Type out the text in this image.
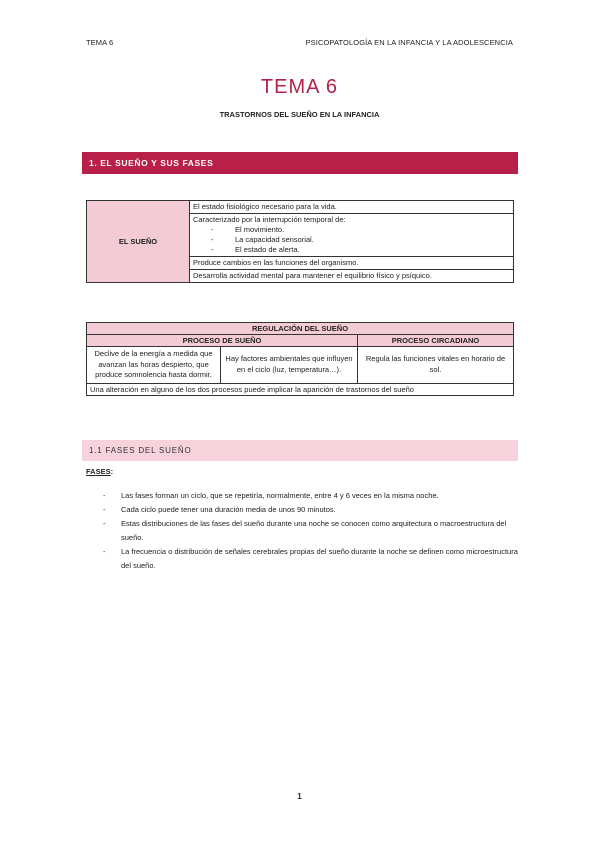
TEMA 6	PSICOPATOLOGÍA EN LA INFANCIA Y LA ADOLESCENCIA
TEMA 6
TRASTORNOS DEL SUEÑO EN LA INFANCIA
1. EL SUEÑO Y SUS FASES
EL SUEÑO	El estado fisiológico necesario para la vida.

Caracterizado por la interrupción temporal de:
-	El movimiento.
-	La capacidad sensorial.
-	El estado de alerta.

Produce cambios en las funciones del organismo.
Desarrolla actividad mental para mantener el equilibrio físico y psíquico.
REGULACIÓN DEL SUEÑO		
PROCESO DE SUEÑO		PROCESO CIRCADIANO
Declive de la energía a medida que avanzan las horas despierto, que produce somnolencia hasta dormir.	Hay factores ambientales que influyen en el ciclo (luz, temperatura…).	Regula las funciones vitales en horario de sol.
Una alteración en alguno de los dos procesos puede implicar la aparición de trastornos del sueño		
1.1 FASES DEL SUEÑO
FASES:
- Las fases forman un ciclo, que se repetiría, normalmente, entre 4 y 6 veces en la misma noche.
- Cada ciclo puede tener una duración media de unos 90 minutos.
- Estas distribuciones de las fases del sueño durante una noche se conocen como arquitectura o macroestructura del sueño.
- La frecuencia o distribución de señales cerebrales propias del sueño durante la noche se definen como microestructura del sueño.
1
